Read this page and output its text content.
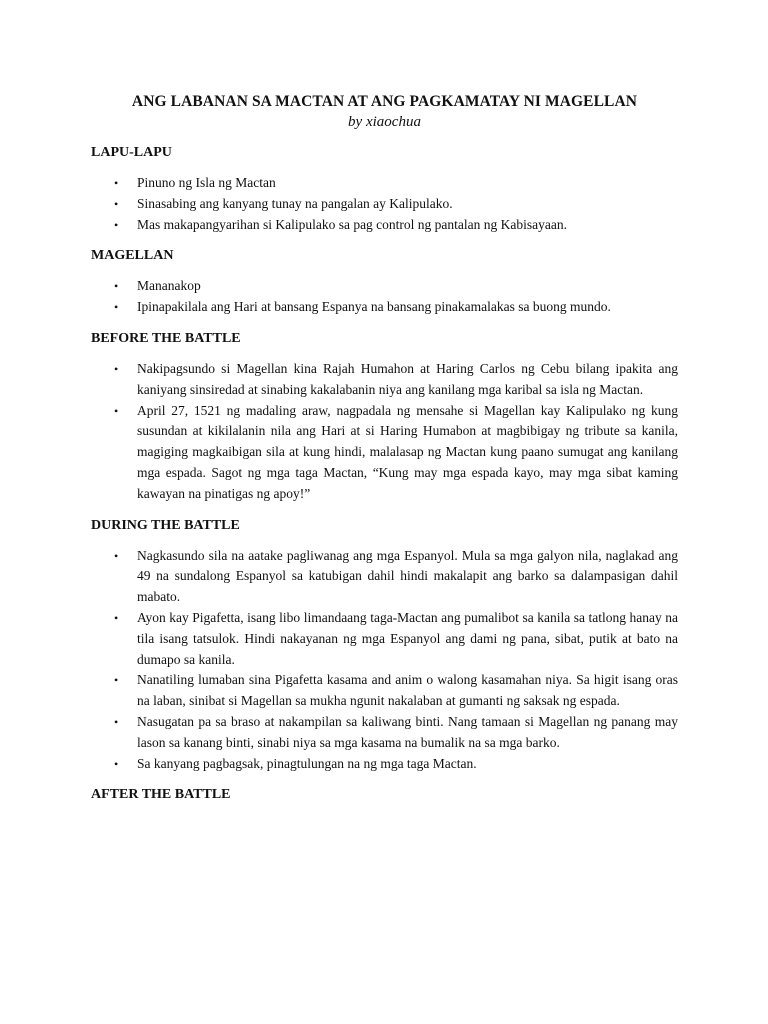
ANG LABANAN SA MACTAN AT ANG PAGKAMATAY NI MAGELLAN

by xiaochua

LAPU-LAPU
• Pinuno ng Isla ng Mactan
• Sinasabing ang kanyang tunay na pangalan ay Kalipulako.
• Mas makapangyarihan si Kalipulako sa pag control ng pantalan ng Kabisayaan.
MAGELLAN
• Mananakop
• Ipinapakilala ang Hari at bansang Espanya na bansang pinakamalakas sa buong mundo.
BEFORE THE BATTLE
• Nakipagsundo si Magellan kina Rajah Humahon at Haring Carlos ng Cebu bilang ipakita ang kaniyang sinsiredad at sinabing kakalabanin niya ang kanilang mga karibal sa isla ng Mactan.
• April 27, 1521 ng madaling araw, nagpadala ng mensahe si Magellan kay Kalipulako ng kung susundan at kikilalanin nila ang Hari at si Haring Humabon at magbibigay ng tribute sa kanila, magiging magkaibigan sila at kung hindi, malalasap ng Mactan kung paano sumugat ang kanilang mga espada. Sagot ng mga taga Mactan, “Kung may mga espada kayo, may mga sibat kaming kawayan na pinatigas ng apoy!”
DURING THE BATTLE
• Nagkasundo sila na aatake pagliwanag ang mga Espanyol. Mula sa mga galyon nila, naglakad ang 49 na sundalong Espanyol sa katubigan dahil hindi makalapit ang barko sa dalampasigan dahil mabato.
• Ayon kay Pigafetta, isang libo limandaang taga-Mactan ang pumalibot sa kanila sa tatlong hanay na tila isang tatsulok. Hindi nakayanan ng mga Espanyol ang dami ng pana, sibat, putik at bato na dumapo sa kanila.
• Nanatiling lumaban sina Pigafetta kasama and anim o walong kasamahan niya. Sa higit isang oras na laban, sinibat si Magellan sa mukha ngunit nakalaban at gumanti ng saksak ng espada.
• Nasugatan pa sa braso at nakampilan sa kaliwang binti. Nang tamaan si Magellan ng panang may lason sa kanang binti, sinabi niya sa mga kasama na bumalik na sa mga barko.
• Sa kanyang pagbagsak, pinagtulungan na ng mga taga Mactan.
AFTER THE BATTLE
